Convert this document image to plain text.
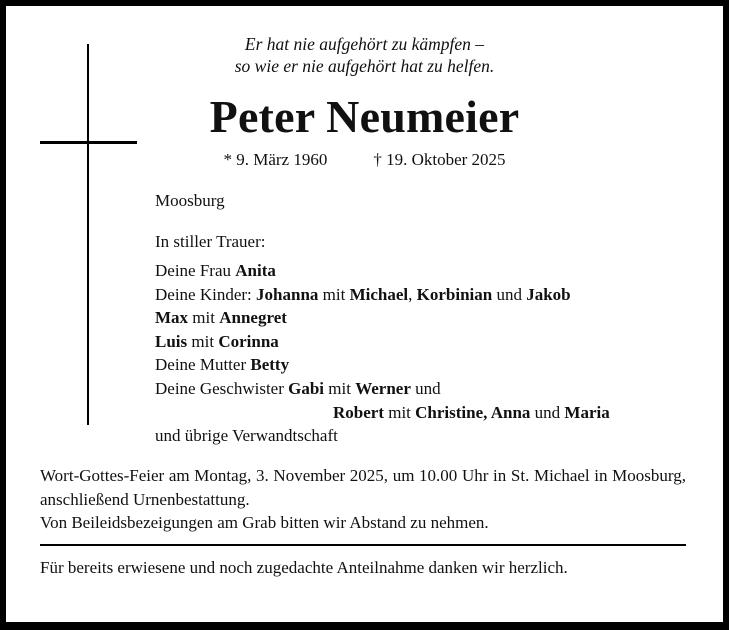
Er hat nie aufgehört zu kämpfen –
so wie er nie aufgehört hat zu helfen.
Peter Neumeier
* 9. März 1960	† 19. Oktober 2025
Moosburg
In stiller Trauer:
Deine Frau Anita
Deine Kinder: Johanna mit Michael, Korbinian und Jakob
Max mit Annegret
Luis mit Corinna
Deine Mutter Betty
Deine Geschwister Gabi mit Werner und
Robert mit Christine, Anna und Maria
und übrige Verwandtschaft
Wort-Gottes-Feier am Montag, 3. November 2025, um 10.00 Uhr in St. Michael in Moosburg, anschließend Urnenbestattung.
Von Beileidsbezeigungen am Grab bitten wir Abstand zu nehmen.
Für bereits erwiesene und noch zugedachte Anteilnahme danken wir herzlich.
